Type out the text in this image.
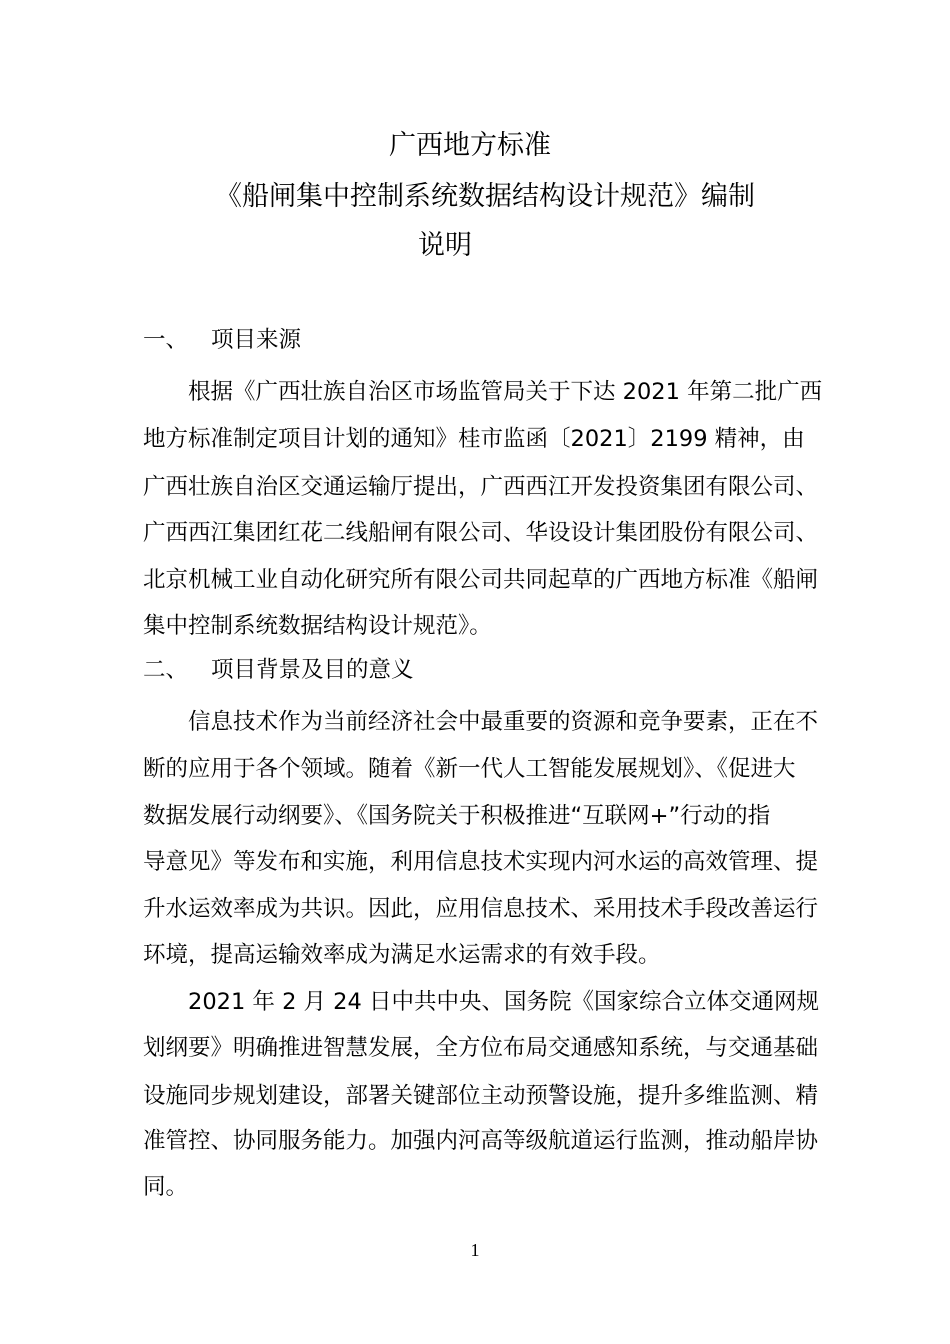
广西地方标准
《船闸集中控制系统数据结构设计规范》编制
说明
一、 项目来源
根据《广西壮族自治区市场监管局关于下达 2021 年第二批广西
地方标准制定项目计划的通知》桂市监函〔2021〕2199 精神，由
广西壮族自治区交通运输厅提出，广西西江开发投资集团有限公司、
广西西江集团红花二线船闸有限公司、华设设计集团股份有限公司、
北京机械工业自动化研究所有限公司共同起草的广西地方标准《船闸
集中控制系统数据结构设计规范》。
二、 项目背景及目的意义
信息技术作为当前经济社会中最重要的资源和竞争要素，正在不
断的应用于各个领域。随着《新一代人工智能发展规划》、《促进大
数据发展行动纲要》、《国务院关于积极推进“互联网+”行动的指
导意见》等发布和实施，利用信息技术实现内河水运的高效管理、提
升水运效率成为共识。因此，应用信息技术、采用技术手段改善运行
环境，提高运输效率成为满足水运需求的有效手段。
2021 年 2 月 24 日中共中央、国务院《国家综合立体交通网规
划纲要》明确推进智慧发展，全方位布局交通感知系统，与交通基础
设施同步规划建设，部署关键部位主动预警设施，提升多维监测、精
准管控、协同服务能力。加强内河高等级航道运行监测，推动船岸协
同。
1
